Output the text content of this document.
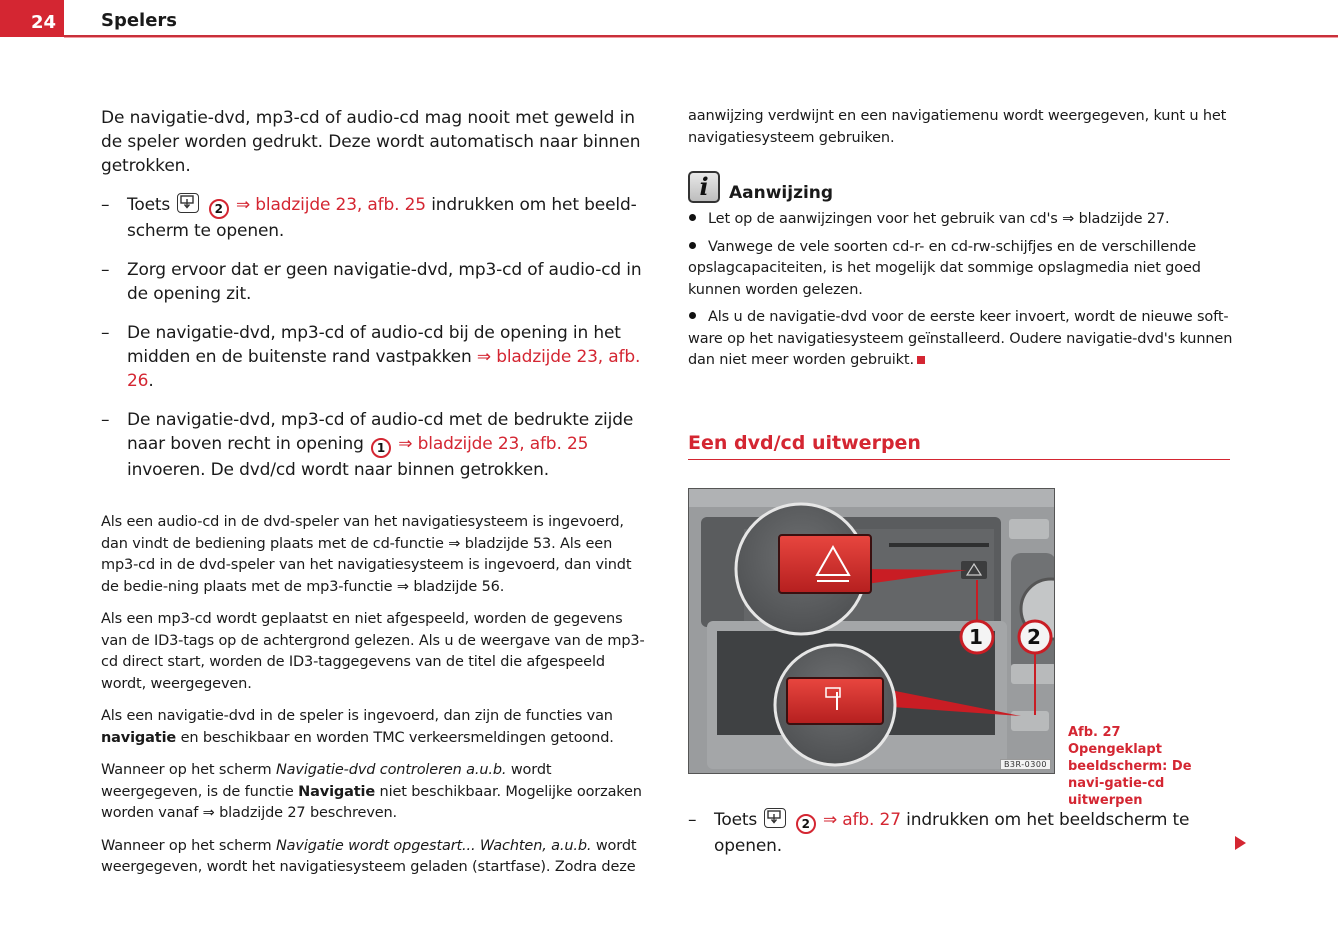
24	Spelers

De navigatie-dvd, mp3-cd of audio-cd mag nooit met geweld in de speler worden gedrukt. Deze wordt automatisch naar binnen getrokken.

– Toets	2 ⇒ bladzijde 23, afb. 25 indrukken om het beeld-scherm te openen.
– Zorg ervoor dat er geen navigatie-dvd, mp3-cd of audio-cd in de opening zit.
– De navigatie-dvd, mp3-cd of audio-cd bij de opening in het midden en de buitenste rand vastpakken ⇒ bladzijde 23, afb. 26.
– De navigatie-dvd, mp3-cd of audio-cd met de bedrukte zijde naar boven recht in opening 1 ⇒ bladzijde 23, afb. 25 invoeren. De dvd/cd wordt naar binnen getrokken.

Als een audio-cd in de dvd-speler van het navigatiesysteem is ingevoerd, dan vindt de bediening plaats met de cd-functie ⇒ bladzijde 53. Als een mp3-cd in de dvd-speler van het navigatiesysteem is ingevoerd, dan vindt de bedie-ning plaats met de mp3-functie ⇒ bladzijde 56.

Als een mp3-cd wordt geplaatst en niet afgespeeld, worden de gegevens van de ID3-tags op de achtergrond gelezen. Als u de weergave van de mp3-cd direct start, worden de ID3-taggegevens van de titel die afgespeeld wordt, weergegeven.

Als een navigatie-dvd in de speler is ingevoerd, dan zijn de functies van navigatie en beschikbaar en worden TMC verkeersmeldingen getoond.

Wanneer op het scherm Navigatie-dvd controleren a.u.b. wordt weergegeven, is de functie Navigatie niet beschikbaar. Mogelijke oorzaken worden vanaf ⇒ bladzijde 27 beschreven.

Wanneer op het scherm Navigatie wordt opgestart... Wachten, a.u.b. wordt weergegeven, wordt het navigatiesysteem geladen (startfase). Zodra deze

aanwijzing verdwijnt en een navigatiemenu wordt weergegeven, kunt u het navigatiesysteem gebruiken.

i	Aanwijzing

Let op de aanwijzingen voor het gebruik van cd's ⇒ bladzijde 27.

Vanwege de vele soorten cd-r- en cd-rw-schijfjes en de verschillende opslagcapaciteiten, is het mogelijk dat sommige opslagmedia niet goed kunnen worden gelezen.

Als u de navigatie-dvd voor de eerste keer invoert, wordt de nieuwe soft-ware op het navigatiesysteem geïnstalleerd. Oudere navigatie-dvd's kunnen dan niet meer worden gebruikt.

Een dvd/cd uitwerpen
1 2
B3R-0300
Afb. 27   Opengeklapt beeldscherm: De navi-gatie-cd uitwerpen
– Toets	2 ⇒ afb. 27 indrukken om het beeldscherm te openen.
